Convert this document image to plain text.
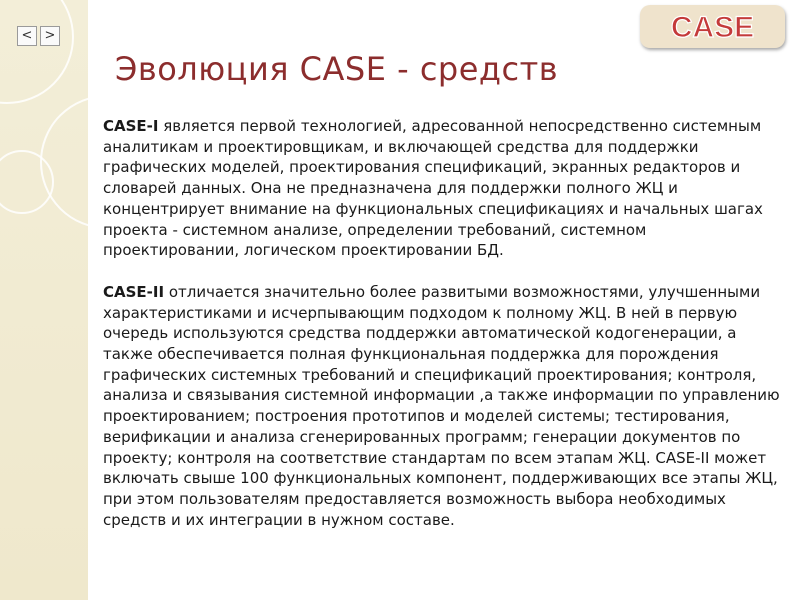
< >	CASE
Эволюция CASE - средств

CASE-I является первой технологией, адресованной непосредственно системным аналитикам и проектировщикам, и включающей средства для поддержки графических моделей, проектирования спецификаций, экранных редакторов и словарей данных. Она не предназначена для поддержки полного ЖЦ и концентрирует внимание на функциональных спецификациях и начальных шагах проекта - системном анализе, определении требований, системном проектировании, логическом проектировании БД.

CASE-II отличается значительно более развитыми возможностями, улучшенными характеристиками и исчерпывающим подходом к полному ЖЦ. В ней в первую очередь используются средства поддержки автоматической кодогенерации, а также обеспечивается полная функциональная поддержка для порождения графических системных требований и спецификаций проектирования; контроля, анализа и связывания системной информации ,а также информации по управлению проектированием; построения прототипов и моделей системы; тестирования, верификации и анализа сгенерированных программ; генерации документов по проекту; контроля на соответствие стандартам по всем этапам ЖЦ. CASE-II может включать свыше 100 функциональных компонент, поддерживающих все этапы ЖЦ, при этом пользователям предоставляется возможность выбора необходимых средств и их интеграции в нужном составе.
